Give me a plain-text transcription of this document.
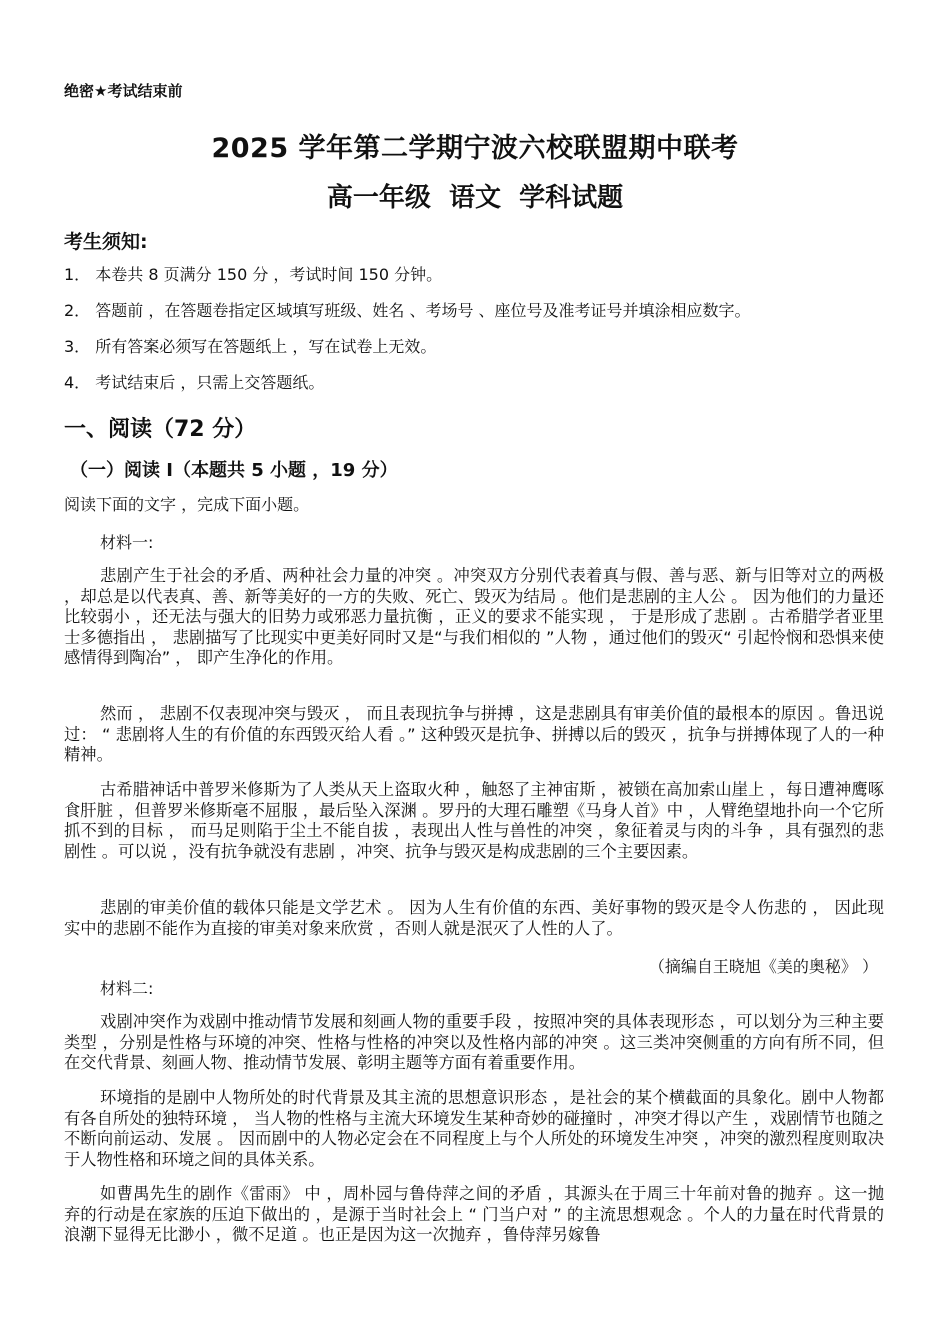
绝密★考试结束前
2025 学年第二学期宁波六校联盟期中联考
高一年级  语文  学科试题
考生须知:
1． 本卷共 8 页满分 150 分 ，考试时间 150 分钟。
2． 答题前 ，在答题卷指定区域填写班级、姓名 、考场号 、座位号及准考证号并填涂相应数字。
3． 所有答案必须写在答题纸上 ，写在试卷上无效。
4． 考试结束后 ，只需上交答题纸。
一、阅读（72 分）
（一）阅读 I（本题共 5 小题 ，19 分）
阅读下面的文字 ，完成下面小题。
材料一:
悲剧产生于社会的矛盾、两种社会力量的冲突 。冲突双方分别代表着真与假、善与恶、新与旧等对立的两极 ，却总是以代表真、善、新等美好的一方的失败、死亡、毁灭为结局 。他们是悲剧的主人公 。 因为他们的力量还比较弱小 ，还无法与强大的旧势力或邪恶力量抗衡 ，正义的要求不能实现 ， 于是形成了悲剧 。古希腊学者亚里士多德指出 ， 悲剧描写了比现实中更美好同时又是“与我们相似的 ”人物 ，通过他们的毁灭“ 引起怜悯和恐惧来使感情得到陶冶” ， 即产生净化的作用。
然而 ， 悲剧不仅表现冲突与毁灭 ， 而且表现抗争与拼搏 ，这是悲剧具有审美价值的最根本的原因 。鲁迅说过： “ 悲剧将人生的有价值的东西毁灭给人看 。” 这种毁灭是抗争、拼搏以后的毁灭 ，抗争与拼搏体现了人的一种精神。
古希腊神话中普罗米修斯为了人类从天上盗取火种 ，触怒了主神宙斯 ，被锁在高加索山崖上 ，每日遭神鹰啄食肝脏 ，但普罗米修斯毫不屈服 ，最后坠入深渊 。罗丹的大理石雕塑《马身人首》中 ，人臂绝望地扑向一个它所抓不到的目标 ， 而马足则陷于尘土不能自拔 ，表现出人性与兽性的冲突 ，象征着灵与肉的斗争 ，具有强烈的悲剧性 。可以说 ，没有抗争就没有悲剧 ，冲突、抗争与毁灭是构成悲剧的三个主要因素。
悲剧的审美价值的载体只能是文学艺术 。 因为人生有价值的东西、美好事物的毁灭是令人伤悲的 ， 因此现实中的悲剧不能作为直接的审美对象来欣赏 ，否则人就是泯灭了人性的人了。
（摘编自王晓旭《美的奥秘》 ）
材料二:
戏剧冲突作为戏剧中推动情节发展和刻画人物的重要手段 ，按照冲突的具体表现形态 ，可以划分为三种主要类型 ，分别是性格与环境的冲突、性格与性格的冲突以及性格内部的冲突 。这三类冲突侧重的方向有所不同，但在交代背景、刻画人物、推动情节发展、彰明主题等方面有着重要作用。
环境指的是剧中人物所处的时代背景及其主流的思想意识形态 ，是社会的某个横截面的具象化。剧中人物都有各自所处的独特环境 ， 当人物的性格与主流大环境发生某种奇妙的碰撞时 ，冲突才得以产生 ，戏剧情节也随之不断向前运动、发展 。 因而剧中的人物必定会在不同程度上与个人所处的环境发生冲突 ，冲突的激烈程度则取决于人物性格和环境之间的具体关系。
如曹禺先生的剧作《雷雨》 中 ，周朴园与鲁侍萍之间的矛盾 ，其源头在于周三十年前对鲁的抛弃 。这一抛弃的行动是在家族的压迫下做出的 ，是源于当时社会上 “ 门当户对 ” 的主流思想观念 。个人的力量在时代背景的浪潮下显得无比渺小 ，微不足道 。也正是因为这一次抛弃 ，鲁侍萍另嫁鲁
